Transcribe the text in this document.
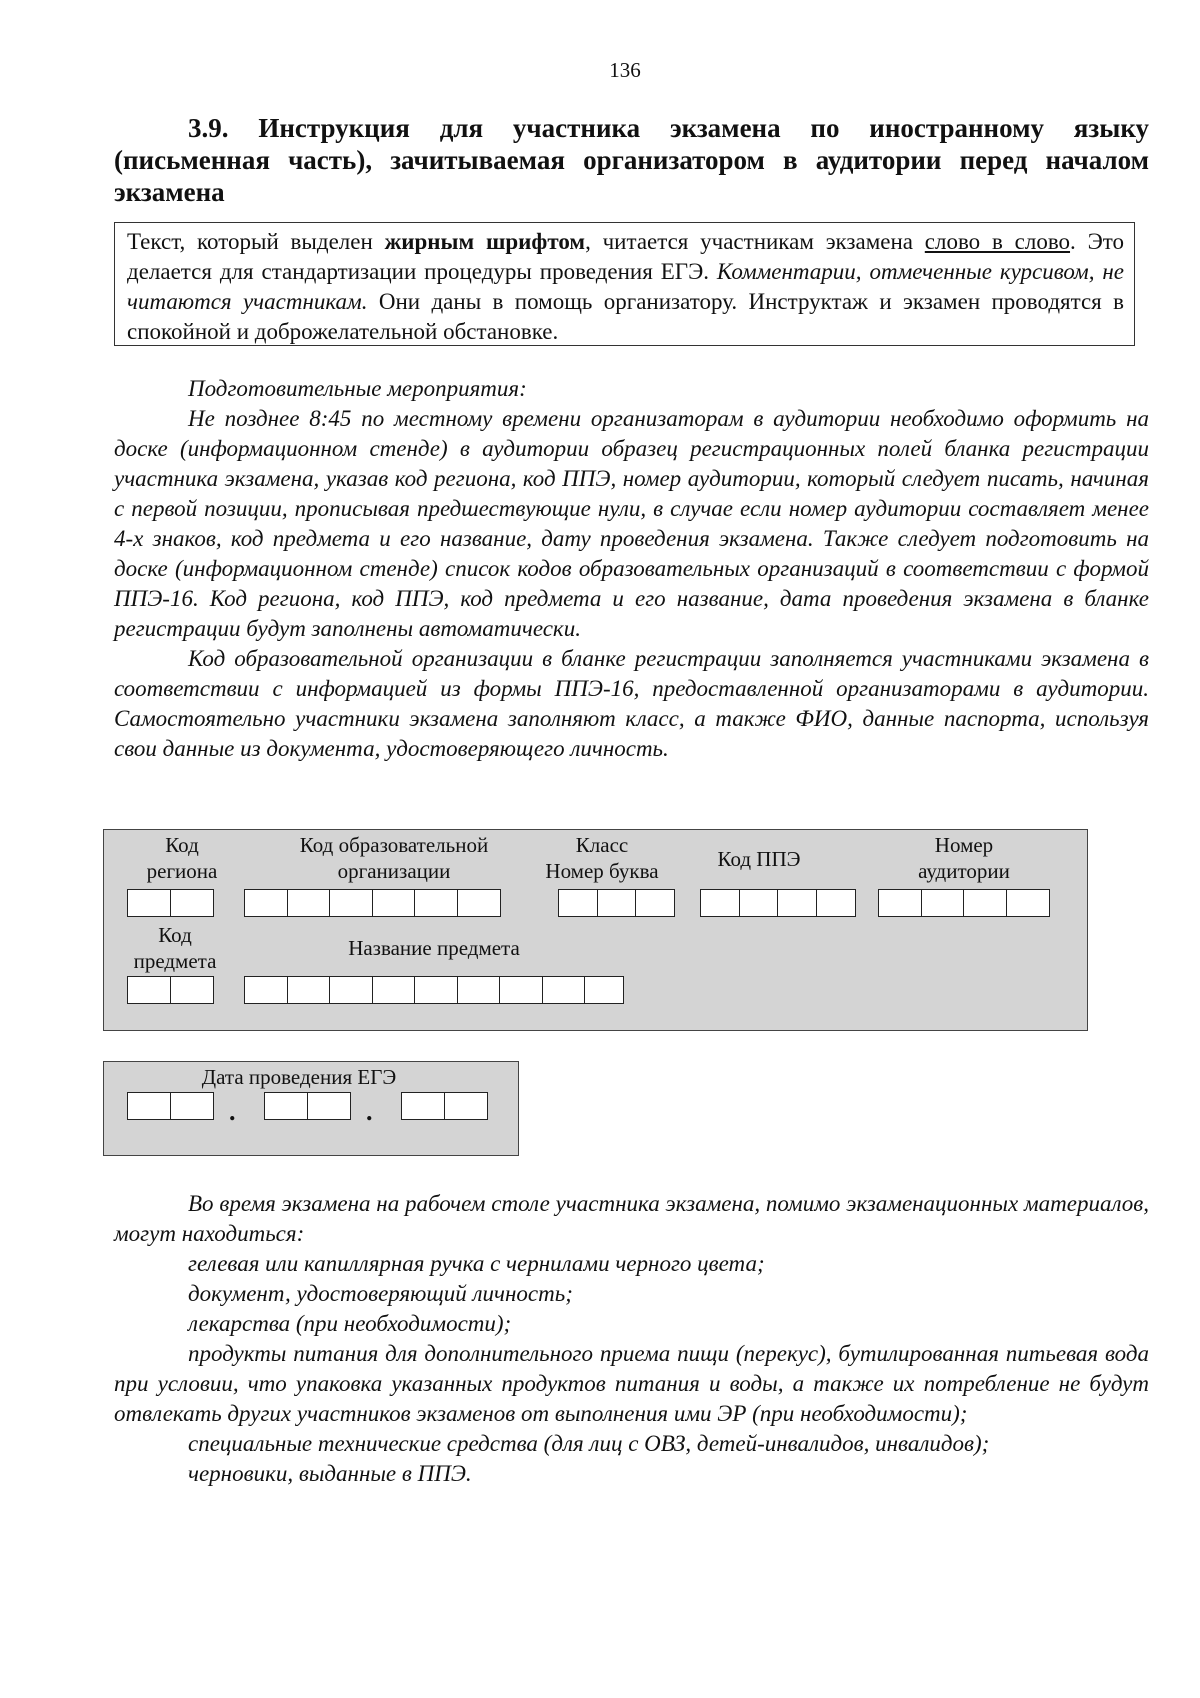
136
3.9. Инструкция для участника экзамена по иностранному языку (письменная часть), зачитываемая организатором в аудитории перед началом экзамена
Текст, который выделен жирным шрифтом, читается участникам экзамена слово в слово. Это делается для стандартизации процедуры проведения ЕГЭ. Комментарии, отмеченные курсивом, не читаются участникам. Они даны в помощь организатору. Инструктаж и экзамен проводятся в спокойной и доброжелательной обстановке.

Подготовительные мероприятия:

Не позднее 8:45 по местному времени организаторам в аудитории необходимо оформить на доске (информационном стенде) в аудитории образец регистрационных полей бланка регистрации участника экзамена, указав код региона, код ППЭ, номер аудитории, который следует писать, начиная с первой позиции, прописывая предшествующие нули, в случае если номер аудитории составляет менее 4-х знаков, код предмета и его название, дату проведения экзамена. Также следует подготовить на доске (информационном стенде) список кодов образовательных организаций в соответствии с формой ППЭ-16. Код региона, код ППЭ, код предмета и его название, дата проведения экзамена в бланке регистрации будут заполнены автоматически.

Код образовательной организации в бланке регистрации заполняется участниками экзамена в соответствии с информацией из формы ППЭ-16, предоставленной организаторами в аудитории. Самостоятельно участники экзамена заполняют класс, а также ФИО, данные паспорта, используя свои данные из документа, удостоверяющего личность.

Код
региона
Код образовательной
организации
Класс
Номер буква	Код ППЭ
Номер
аудитории
Код
предмета
Название предмета
Дата проведения ЕГЭ
.	.

Во время экзамена на рабочем столе участника экзамена, помимо экзаменационных материалов, могут находиться:

гелевая или капиллярная ручка с чернилами черного цвета;

документ, удостоверяющий личность;

лекарства (при необходимости);

продукты питания для дополнительного приема пищи (перекус), бутилированная питьевая вода при условии, что упаковка указанных продуктов питания и воды, а также их потребление не будут отвлекать других участников экзаменов от выполнения ими ЭР (при необходимости);

специальные технические средства (для лиц с ОВЗ, детей-инвалидов, инвалидов);

черновики, выданные в ППЭ.
